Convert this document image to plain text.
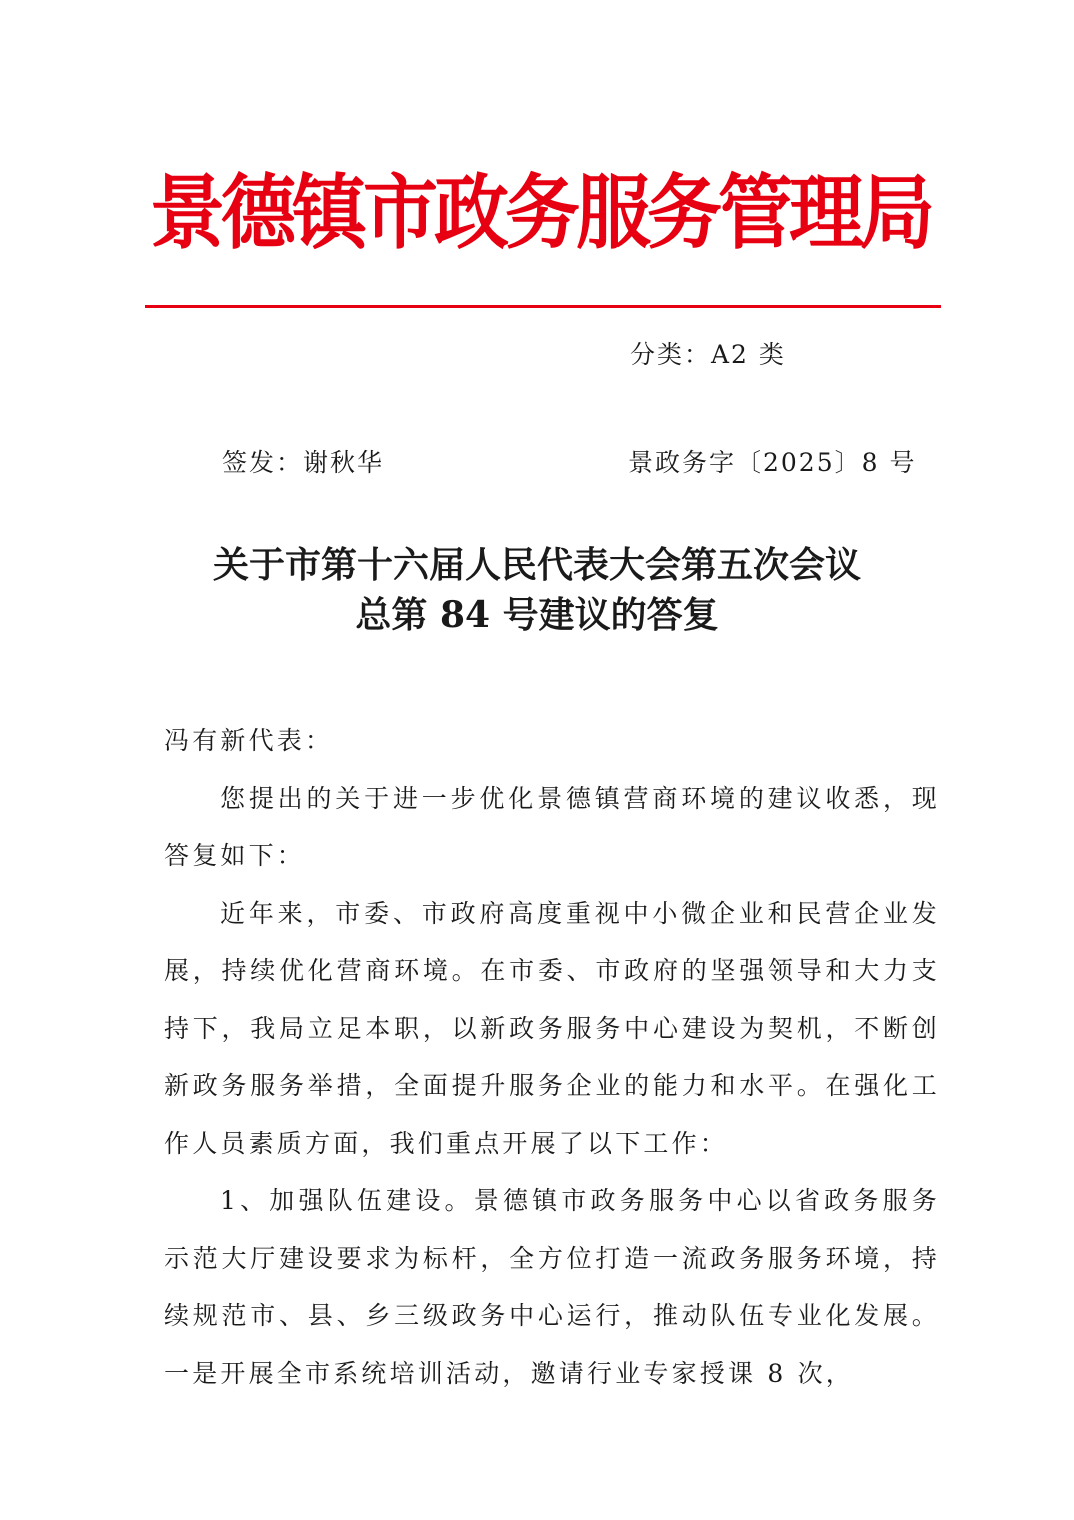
景德镇市政务服务管理局
分类：A2 类
签发：谢秋华	景政务字〔2025〕8 号
关于市第十六届人民代表大会第五次会议
总第 84 号建议的答复

冯有新代表：

您提出的关于进一步优化景德镇营商环境的建议收悉，现答复如下：

近年来，市委、市政府高度重视中小微企业和民营企业发展，持续优化营商环境。在市委、市政府的坚强领导和大力支持下，我局立足本职，以新政务服务中心建设为契机，不断创新政务服务举措，全面提升服务企业的能力和水平。在强化工作人员素质方面，我们重点开展了以下工作：

1、加强队伍建设。景德镇市政务服务中心以省政务服务示范大厅建设要求为标杆，全方位打造一流政务服务环境，持续规范市、县、乡三级政务中心运行，推动队伍专业化发展。一是开展全市系统培训活动，邀请行业专家授课 8 次，
